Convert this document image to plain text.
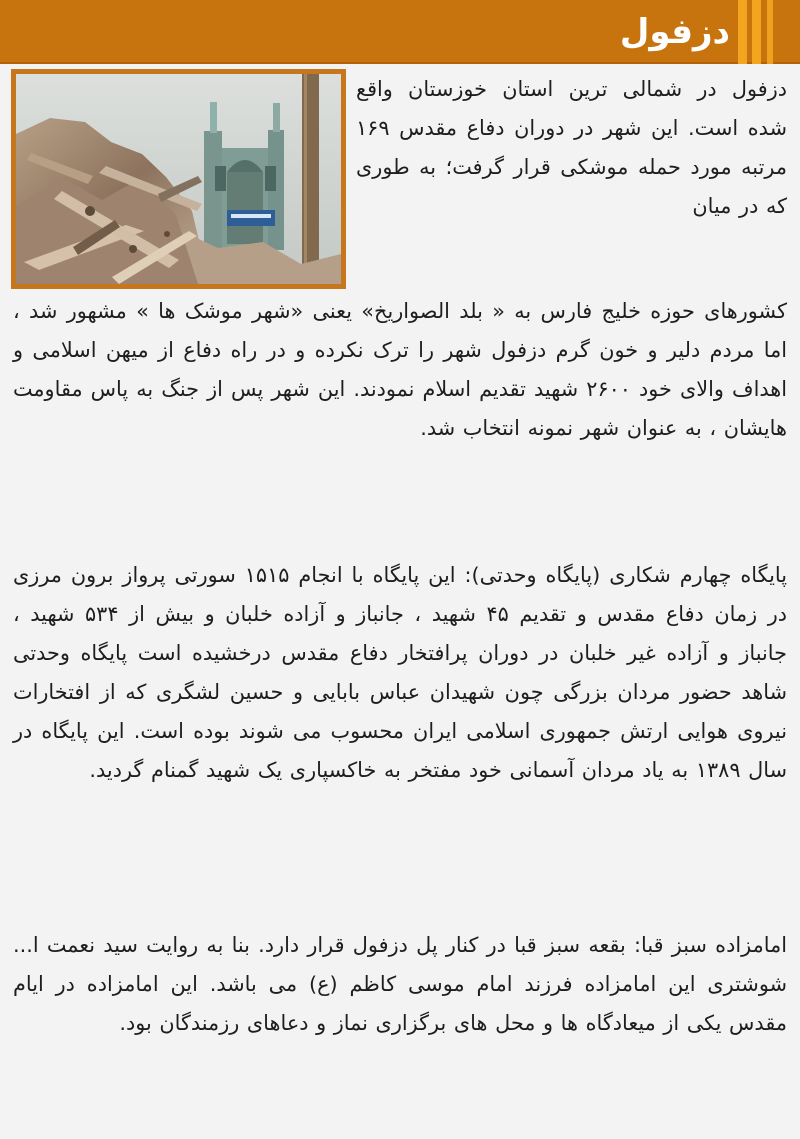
دزفول
دزفول در شمالی ترین استان خوزستان واقع شده است. این شهر در دوران دفاع مقدس ۱۶۹ مرتبه مورد حمله موشکی قرار گرفت؛ به طوری که در میان
کشورهای حوزه خلیج فارس به « بلد الصواریخ» یعنی «شهر موشک ها » مشهور شد ، اما مردم دلیر و خون گرم دزفول شهر را ترک نکرده و در راه دفاع از میهن اسلامی و اهداف والای خود ۲۶۰۰ شهید تقدیم اسلام نمودند. این شهر پس از جنگ به پاس مقاومت هایشان ، به عنوان شهر نمونه انتخاب شد.
پایگاه چهارم شکاری (پایگاه وحدتی): این پایگاه با انجام ۱۵۱۵ سورتی پرواز برون مرزی در زمان دفاع مقدس و تقدیم ۴۵ شهید ، جانباز و آزاده خلبان و بیش از ۵۳۴ شهید ، جانباز و آزاده غیر خلبان در دوران پرافتخار دفاع مقدس درخشیده است پایگاه وحدتی شاهد حضور مردان بزرگی چون شهیدان عباس بابایی و حسین لشگری که از افتخارات نیروی هوایی ارتش جمهوری اسلامی ایران محسوب می شوند بوده است. این پایگاه در سال ۱۳۸۹ به یاد مردان آسمانی خود مفتخر به خاکسپاری یک شهید گمنام گردید.
امامزاده سبز قبا: بقعه سبز قبا در کنار پل دزفول قرار دارد. بنا به روایت سید نعمت ا... شوشتری این امامزاده فرزند امام موسی کاظم (ع) می باشد. این امامزاده در ایام مقدس یکی از میعادگاه ها و محل های برگزاری نماز و دعاهای رزمندگان بود.
